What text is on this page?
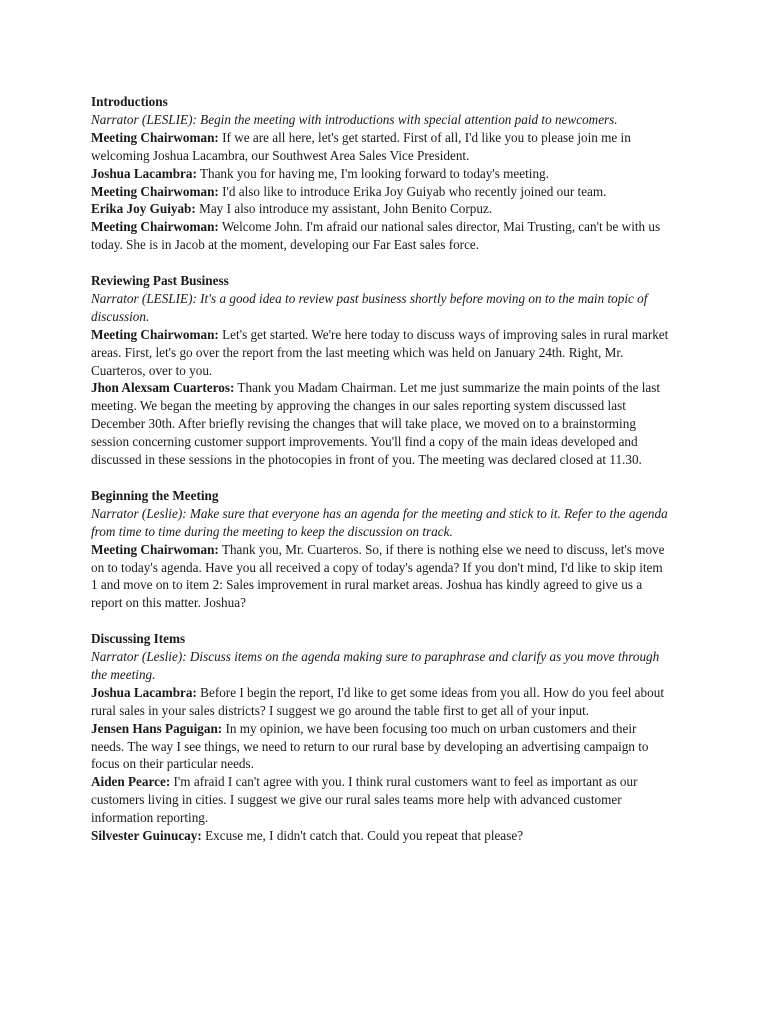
Introductions
Narrator (LESLIE): Begin the meeting with introductions with special attention paid to newcomers.
Meeting Chairwoman: If we are all here, let's get started. First of all, I'd like you to please join me in welcoming Joshua Lacambra, our Southwest Area Sales Vice President.
Joshua Lacambra: Thank you for having me, I'm looking forward to today's meeting.
Meeting Chairwoman: I'd also like to introduce Erika Joy Guiyab who recently joined our team.
Erika Joy Guiyab: May I also introduce my assistant, John Benito Corpuz.
Meeting Chairwoman: Welcome John. I'm afraid our national sales director, Mai Trusting, can't be with us today. She is in Jacob at the moment, developing our Far East sales force.
Reviewing Past Business
Narrator (LESLIE): It's a good idea to review past business shortly before moving on to the main topic of discussion.
Meeting Chairwoman: Let's get started. We're here today to discuss ways of improving sales in rural market areas. First, let's go over the report from the last meeting which was held on January 24th. Right, Mr. Cuarteros, over to you.
Jhon Alexsam Cuarteros: Thank you Madam Chairman. Let me just summarize the main points of the last meeting. We began the meeting by approving the changes in our sales reporting system discussed last December 30th. After briefly revising the changes that will take place, we moved on to a brainstorming session concerning customer support improvements. You'll find a copy of the main ideas developed and discussed in these sessions in the photocopies in front of you. The meeting was declared closed at 11.30.
Beginning the Meeting
Narrator (Leslie): Make sure that everyone has an agenda for the meeting and stick to it. Refer to the agenda from time to time during the meeting to keep the discussion on track.
Meeting Chairwoman: Thank you, Mr. Cuarteros. So, if there is nothing else we need to discuss, let's move on to today's agenda. Have you all received a copy of today's agenda? If you don't mind, I'd like to skip item 1 and move on to item 2: Sales improvement in rural market areas. Joshua has kindly agreed to give us a report on this matter. Joshua?
Discussing Items
Narrator (Leslie): Discuss items on the agenda making sure to paraphrase and clarify as you move through the meeting.
Joshua Lacambra: Before I begin the report, I'd like to get some ideas from you all. How do you feel about rural sales in your sales districts? I suggest we go around the table first to get all of your input.
Jensen Hans Paguigan: In my opinion, we have been focusing too much on urban customers and their needs. The way I see things, we need to return to our rural base by developing an advertising campaign to focus on their particular needs.
Aiden Pearce: I'm afraid I can't agree with you. I think rural customers want to feel as important as our customers living in cities. I suggest we give our rural sales teams more help with advanced customer information reporting.
Silvester Guinucay: Excuse me, I didn't catch that. Could you repeat that please?
